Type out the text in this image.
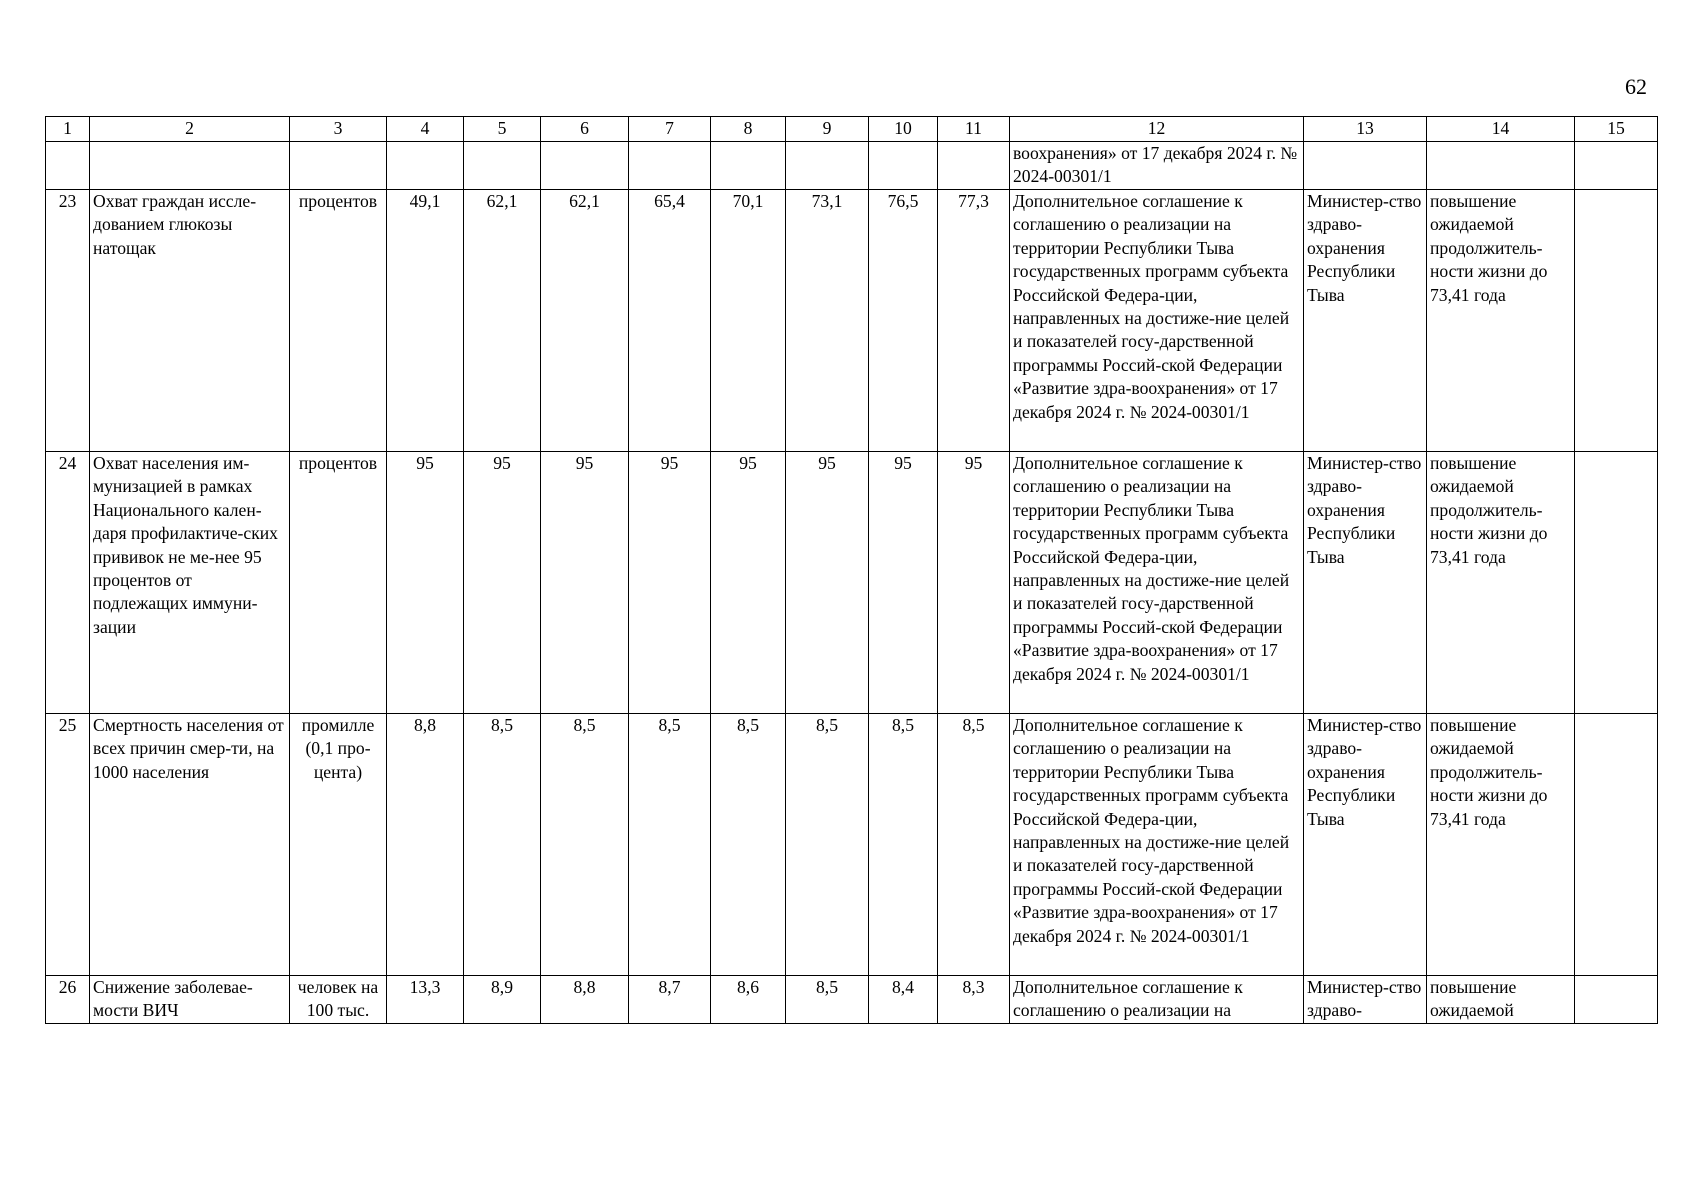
62
1	2	3	4	5	6	7	8	9	10	11	12	13	14	15
											воохранения» от 17 декабря 2024 г. № 2024-00301/1			
23	Охват граждан иссле-дованием глюкозы натощак	процентов	49,1	62,1	62,1	65,4	70,1	73,1	76,5	77,3	Дополнительное соглашение к соглашению о реализации на территории Республики Тыва государственных программ субъекта Российской Федера-ции, направленных на достиже-ние целей и показателей госу-дарственной программы Россий-ской Федерации «Развитие здра-воохранения» от 17 декабря 2024 г. № 2024-00301/1	Министер-ство здраво-охранения Республики Тыва	повышение ожидаемой продолжитель-ности жизни до 73,41 года	
24	Охват населения им-мунизацией в рамках Национального кален-даря профилактиче-ских прививок не ме-нее 95 процентов от подлежащих иммуни-зации	процентов	95	95	95	95	95	95	95	95	Дополнительное соглашение к соглашению о реализации на территории Республики Тыва государственных программ субъекта Российской Федера-ции, направленных на достиже-ние целей и показателей госу-дарственной программы Россий-ской Федерации «Развитие здра-воохранения» от 17 декабря 2024 г. № 2024-00301/1	Министер-ство здраво-охранения Республики Тыва	повышение ожидаемой продолжитель-ности жизни до 73,41 года	
25	Смертность населения от всех причин смер-ти, на 1000 населения	промилле (0,1 про-цента)	8,8	8,5	8,5	8,5	8,5	8,5	8,5	8,5	Дополнительное соглашение к соглашению о реализации на территории Республики Тыва государственных программ субъекта Российской Федера-ции, направленных на достиже-ние целей и показателей госу-дарственной программы Россий-ской Федерации «Развитие здра-воохранения» от 17 декабря 2024 г. № 2024-00301/1	Министер-ство здраво-охранения Республики Тыва	повышение ожидаемой продолжитель-ности жизни до 73,41 года	
26	Снижение заболевае-мости ВИЧ	человек на 100 тыс.	13,3	8,9	8,8	8,7	8,6	8,5	8,4	8,3	Дополнительное соглашение к соглашению о реализации на	Министер-ство здраво-	повышение ожидаемой	
